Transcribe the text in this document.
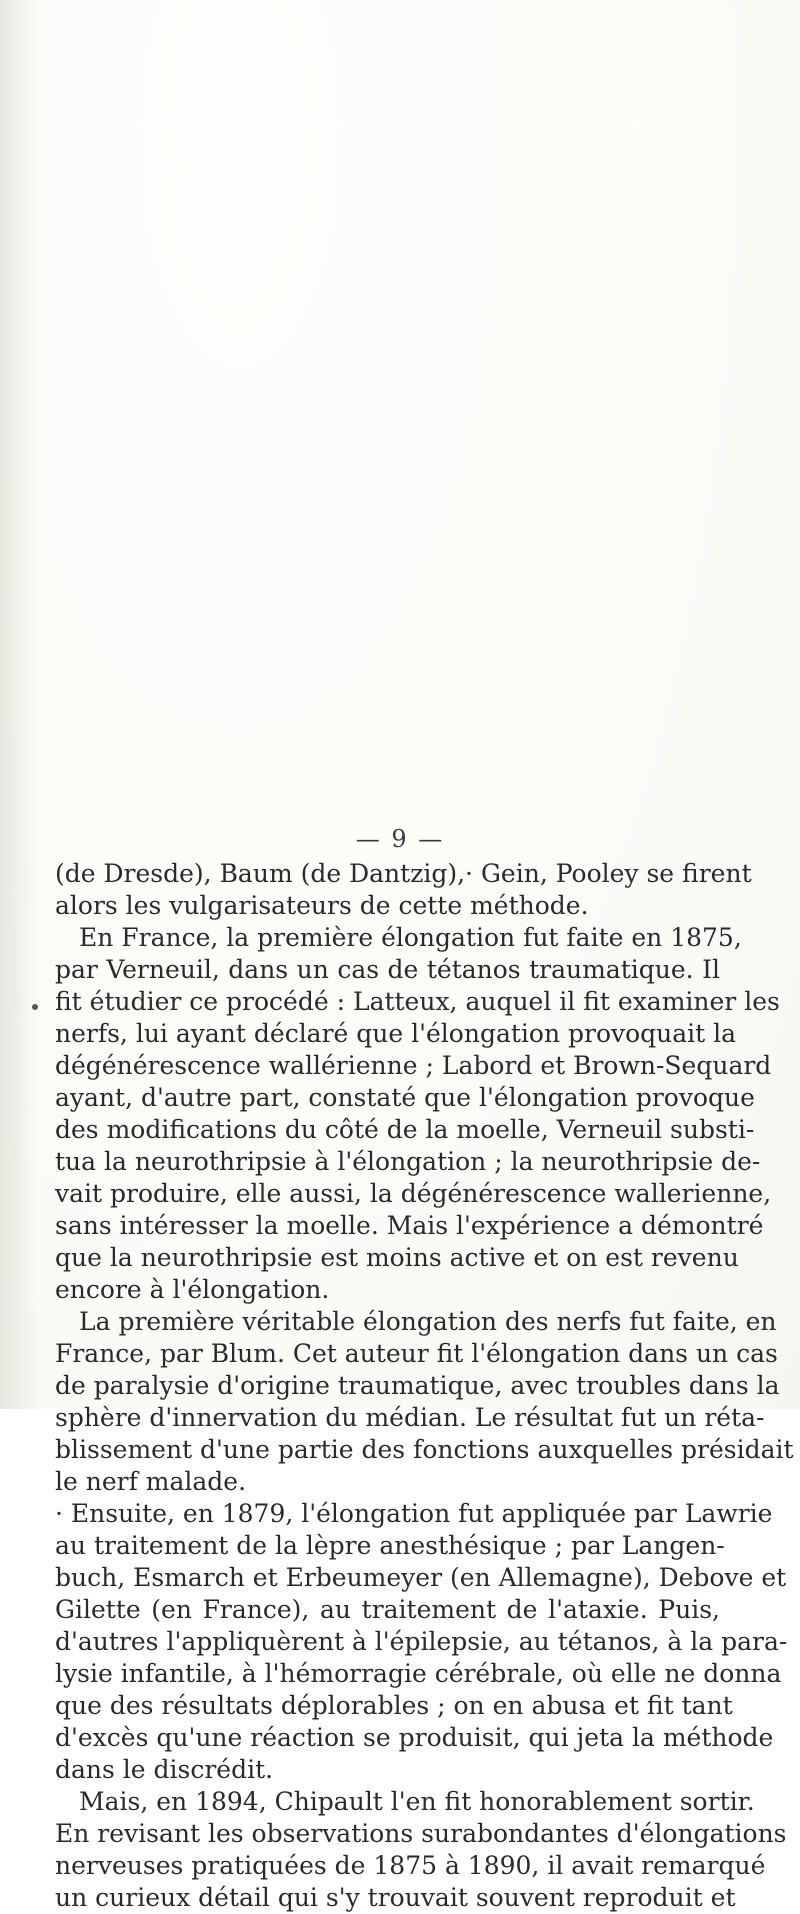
— 9 —
(de Dresde), Baum (de Dantzig),· Gein, Pooley se firent
alors les vulgarisateurs de cette méthode.
En France, la première élongation fut faite en 1875,
par Verneuil, dans un cas de tétanos traumatique. Il
fit étudier ce procédé : Latteux, auquel il fit examiner les
nerfs, lui ayant déclaré que l'élongation provoquait la
dégénérescence wallérienne ; Labord et Brown-Sequard
ayant, d'autre part, constaté que l'élongation provoque
des modifications du côté de la moelle, Verneuil substi-
tua la neurothripsie à l'élongation ; la neurothripsie de-
vait produire, elle aussi, la dégénérescence wallerienne,
sans intéresser la moelle. Mais l'expérience a démontré
que la neurothripsie est moins active et on est revenu
encore à l'élongation.
La première véritable élongation des nerfs fut faite, en
France, par Blum. Cet auteur fit l'élongation dans un cas
de paralysie d'origine traumatique, avec troubles dans la
sphère d'innervation du médian. Le résultat fut un réta-
blissement d'une partie des fonctions auxquelles présidait
le nerf malade.
· Ensuite, en 1879, l'élongation fut appliquée par Lawrie
au traitement de la lèpre anesthésique ; par Langen-
buch, Esmarch et Erbeumeyer (en Allemagne), Debove et
Gilette (en France), au traitement de l'ataxie. Puis,
d'autres l'appliquèrent à l'épilepsie, au tétanos, à la para-
lysie infantile, à l'hémorragie cérébrale, où elle ne donna
que des résultats déplorables ; on en abusa et fit tant
d'excès qu'une réaction se produisit, qui jeta la méthode
dans le discrédit.
Mais, en 1894, Chipault l'en fit honorablement sortir.
En revisant les observations surabondantes d'élongations
nerveuses pratiquées de 1875 à 1890, il avait remarqué
un curieux détail qui s'y trouvait souvent reproduit et
